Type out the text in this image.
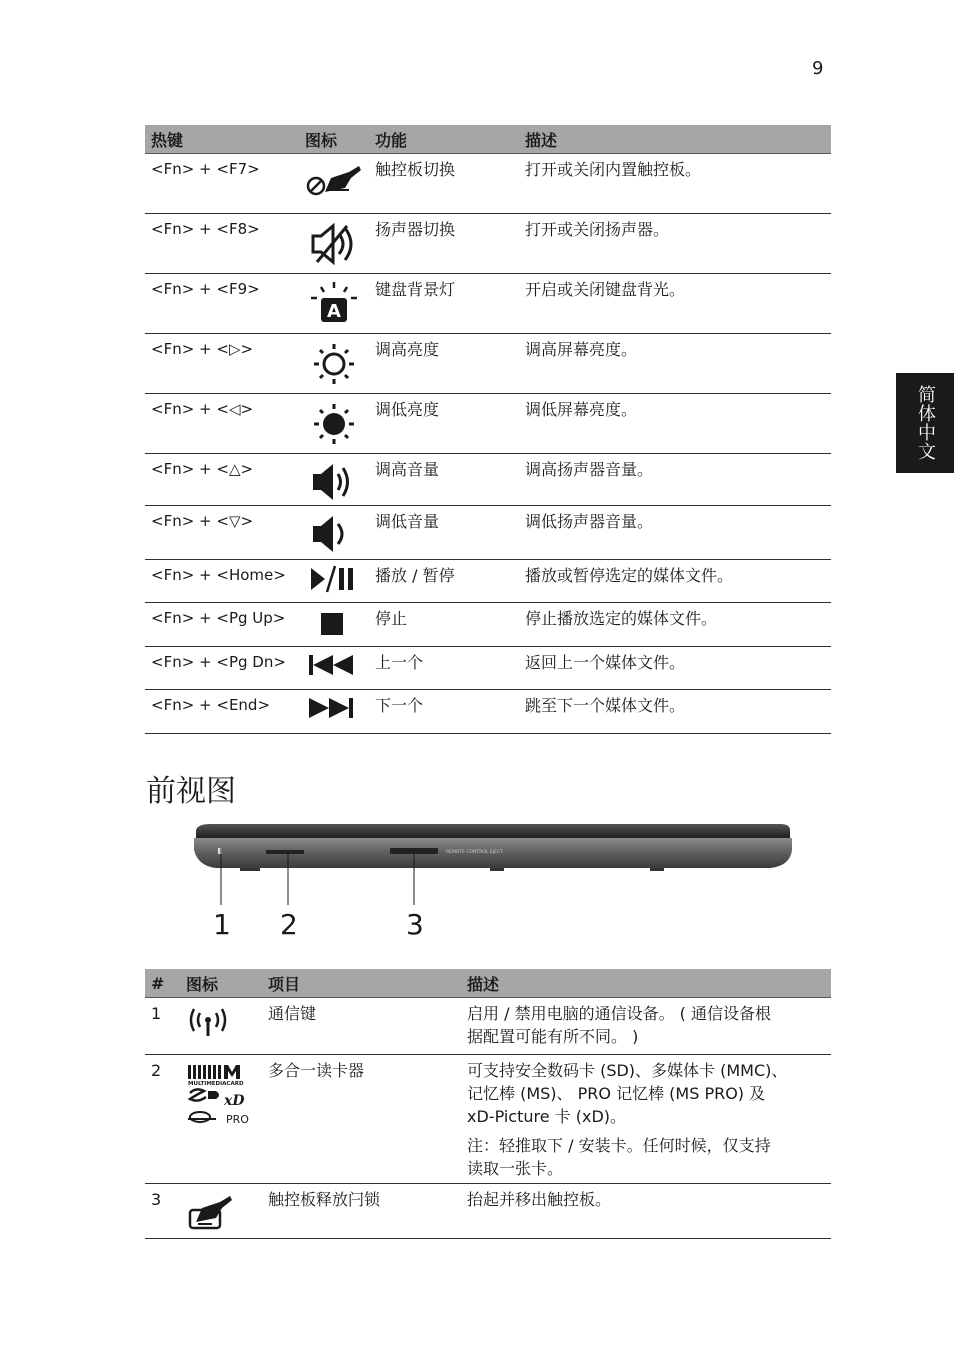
9
简体中文
热键	图标	功能	描述
<Fn> + <F7>		触控板切换	打开或关闭内置触控板。
<Fn> + <F8>		扬声器切换	打开或关闭扬声器。
<Fn> + <F9>	A	键盘背景灯	开启或关闭键盘背光。
<Fn> + <▷>		调高亮度	调高屏幕亮度。
<Fn> + <◁>		调低亮度	调低屏幕亮度。
<Fn> + <△>		调高音量	调高扬声器音量。
<Fn> + <▽>		调低音量	调低扬声器音量。
<Fn> + <Home>		播放 / 暂停	播放或暂停选定的媒体文件。
<Fn> + <Pg Up>		停止	停止播放选定的媒体文件。
<Fn> + <Pg Dn>		上一个	返回上一个媒体文件。
<Fn> + <End>		下一个	跳至下一个媒体文件。
前视图
REMOTE CONTROL EJECT
1 2	3
#	图标	项目	描述
1		通信键	启用 / 禁用电脑的通信设备。 ( 通信设备根
据配置可能有所不同。 )

2	MULTIMEDIACARD
xD
PRO	多合一读卡器	可支持安全数码卡 (SD)、多媒体卡 (MMC)、
记忆棒 (MS)、 PRO 记忆棒 (MS PRO) 及
xD-Picture 卡 (xD)。
注：轻推取下 / 安装卡。任何时候，仅支持
读取一张卡。

3		触控板释放闩锁	抬起并移出触控板。
